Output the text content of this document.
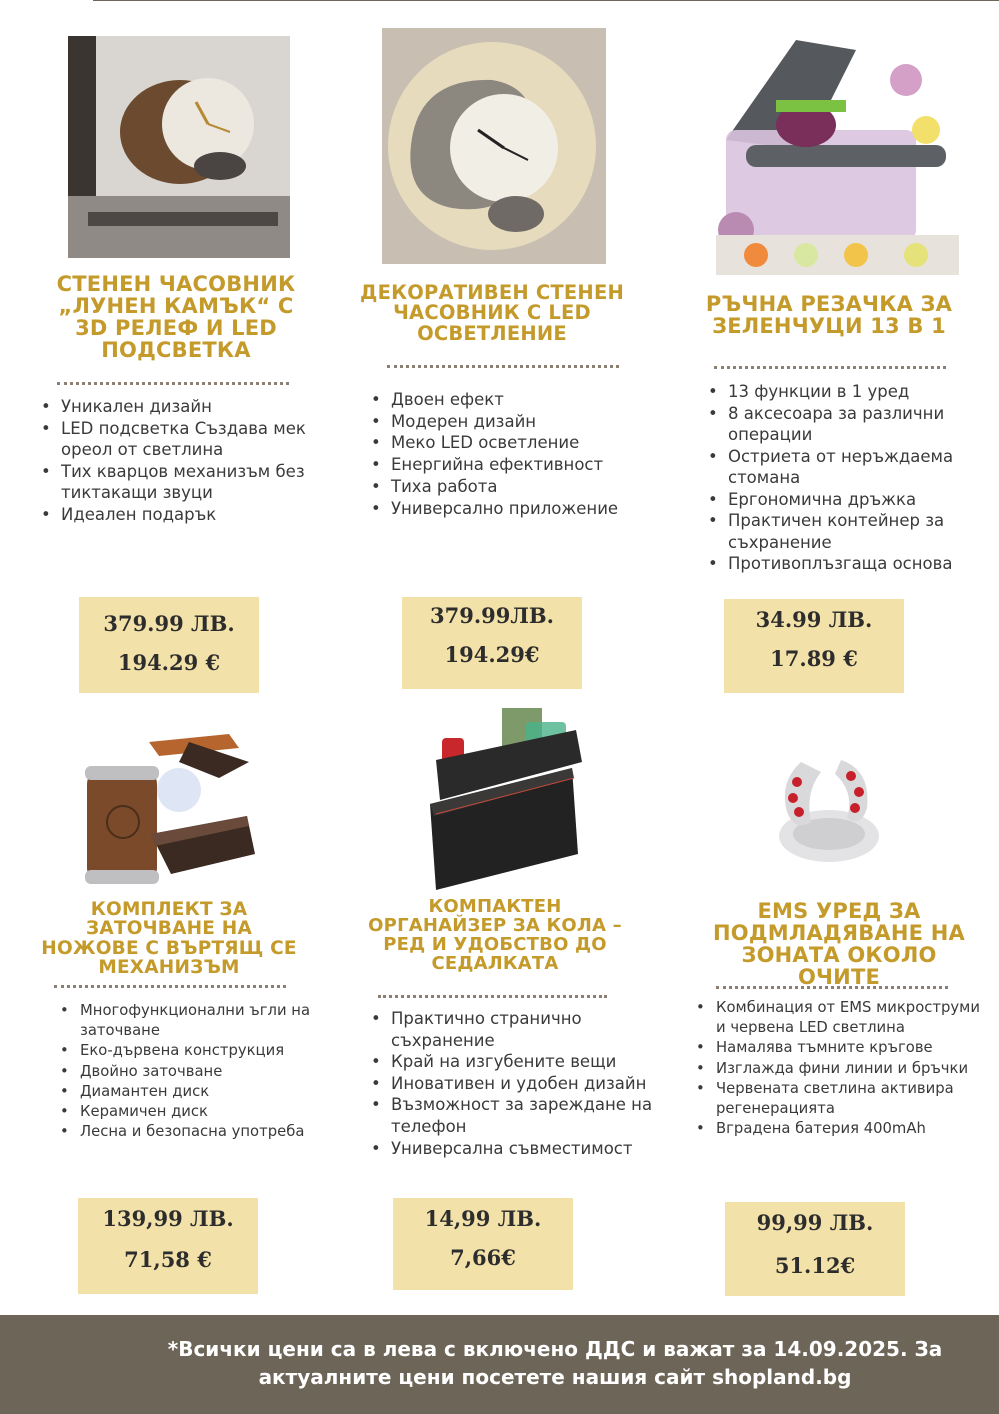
СТЕНЕН ЧАСОВНИК „ЛУНЕН КАМЪК“ С 3D РЕЛЕФ И LED ПОДСВЕТКА
• Уникален дизайн
• LED подсветка Създава мек ореол от светлина
• Тих кварцов механизъм без тиктакащи звуци
• Идеален подарък
379.99 ЛВ.
194.29 €
ДЕКОРАТИВЕН СТЕНЕН ЧАСОВНИК С LED ОСВЕТЛЕНИЕ
• Двоен ефект
• Модерен дизайн
• Меко LED осветление
• Енергийна ефективност
• Тиха работа
• Универсално приложение
379.99ЛВ.
194.29€
РЪЧНА РЕЗАЧКА ЗА ЗЕЛЕНЧУЦИ 13 В 1
• 13 функции в 1 уред
• 8 аксесоара за различни операции
• Остриета от неръждаема стомана
• Ергономична дръжка
• Практичен контейнер за съхранение
• Противоплъзгаща основа
34.99 ЛВ.
17.89 €
КОМПЛЕКТ ЗА ЗАТОЧВАНЕ НА НОЖОВЕ С ВЪРТЯЩ СЕ МЕХАНИЗЪМ
• Многофункционални ъгли на заточване
• Еко-дървена конструкция
• Двойно заточване
• Диамантен диск
• Керамичен диск
• Лесна и безопасна употреба
139,99 ЛВ.
71,58 €
КОМПАКТЕН ОРГАНАЙЗЕР ЗА КОЛА – РЕД И УДОБСТВО ДО СЕДАЛКАТА
• Практично странично съхранение
• Край на изгубените вещи
• Иновативен и удобен дизайн
• Възможност за зареждане на телефон
• Универсална съвместимост
14,99 ЛВ.
7,66€
EMS УРЕД ЗА ПОДМЛАДЯВАНЕ НА ЗОНАТА ОКОЛО ОЧИТЕ
• Комбинация от EMS микроструми и червена LED светлина
• Намалява тъмните кръгове
• Изглажда фини линии и бръчки
• Червената светлина активира регенерацията
• Вградена батерия 400mAh
99,99 ЛВ.
51.12€

*Всички цени са в лева с включено ДДС и важат за 14.09.2025. За актуалните цени посетете нашия сайт shopland.bg
